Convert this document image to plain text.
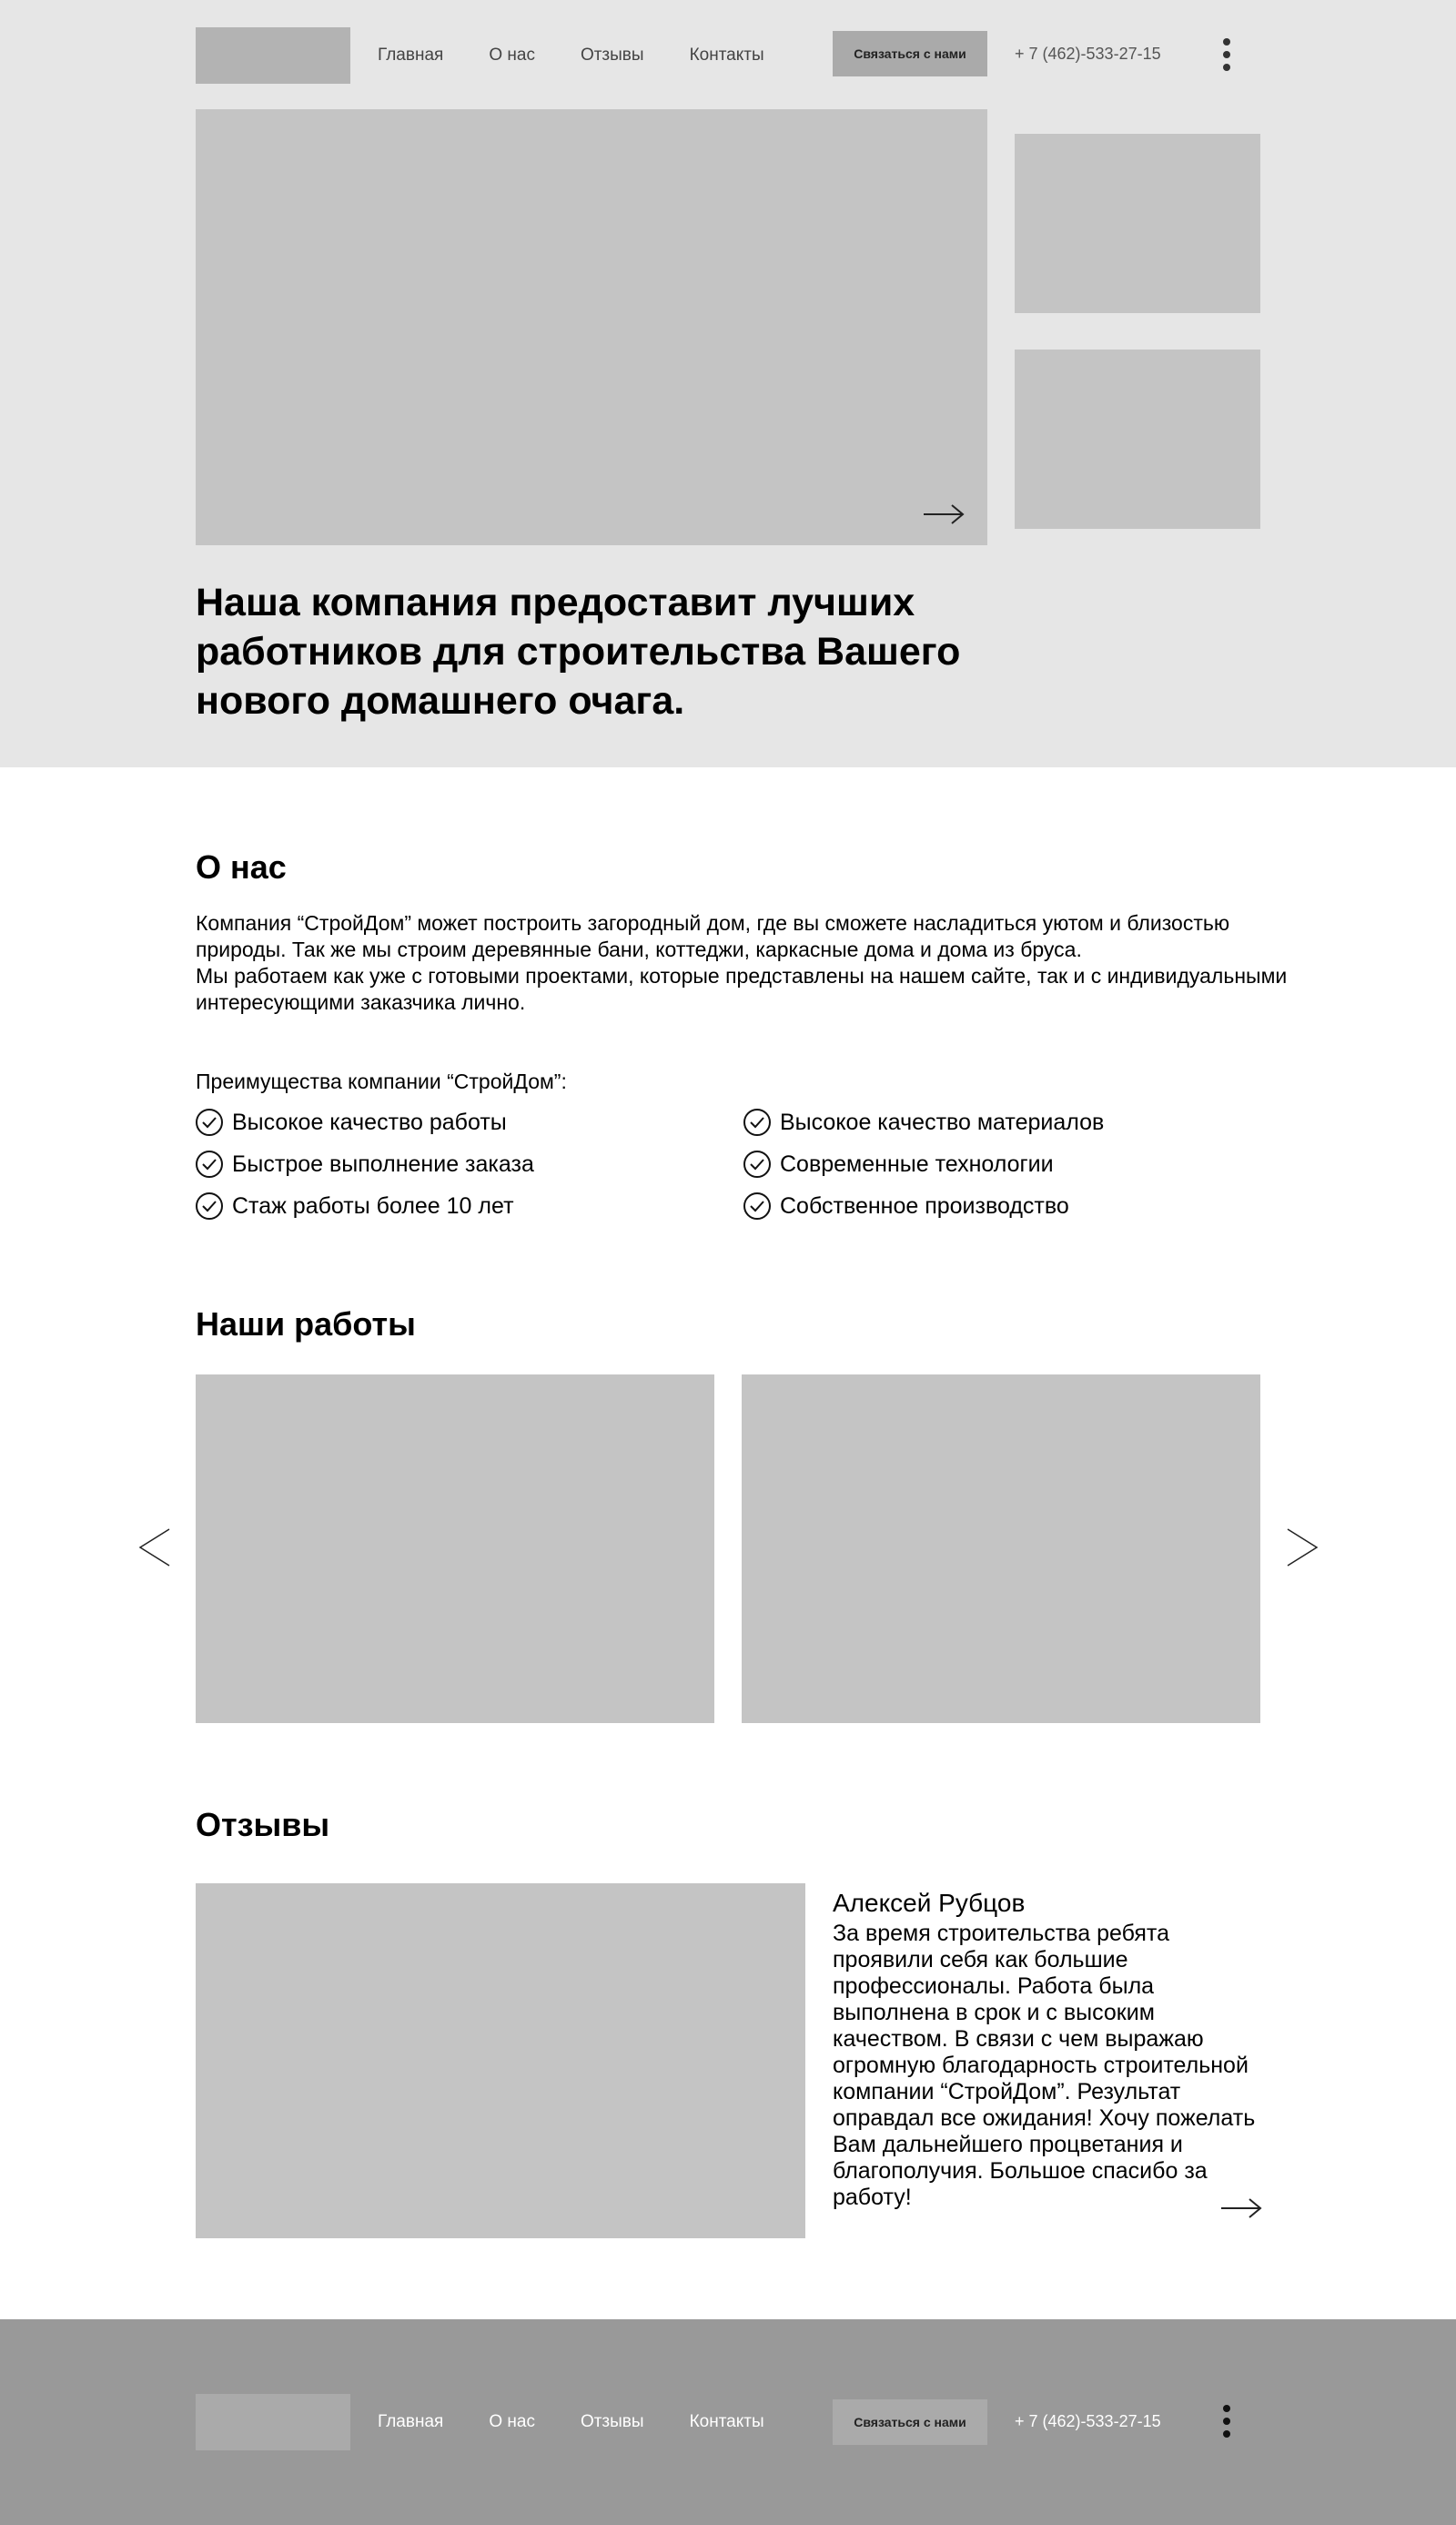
Главная	О нас	Отзывы	Контакты	Связаться с нами	+ 7 (462)-533-27-15
Наша компания предоставит лучших работников для строительства Вашего нового домашнего очага.
О нас

Компания “СтройДом” может построить загородный дом, где вы сможете насладиться уютом и близостью природы. Так же мы строим деревянные бани, коттеджи, каркасные дома и дома из бруса.

Мы работаем как уже с готовыми проектами, которые представлены на нашем сайте, так и с индивидуальными интересующими заказчика лично.

Преимущества компании “СтройДом”:
Высокое качество работы
Быстрое выполнение заказа
Стаж работы более 10 лет
Высокое качество материалов
Современные технологии
Собственное производство
Наши работы
Отзывы
Алексей Рубцов
За время строительства ребята проявили себя как большие профессионалы. Работа была выполнена в срок и с высоким качеством. В связи с чем выражаю огромную благодарность строительной компании “СтройДом”. Результат оправдал все ожидания! Хочу пожелать Вам дальнейшего процветания и благополучия. Большое спасибо за работу!
Главная	О нас	Отзывы	Контакты	Связаться с нами	+ 7 (462)-533-27-15
